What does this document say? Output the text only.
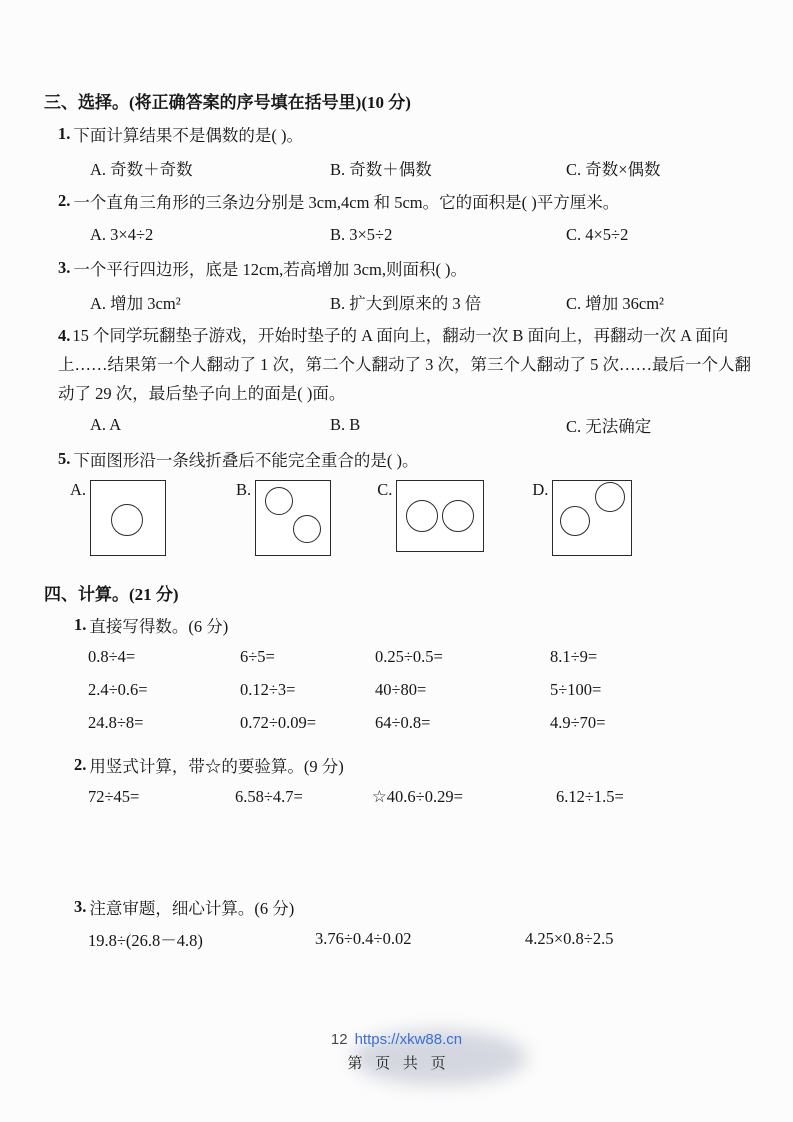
三、选择。(将正确答案的序号填在括号里)(10 分)
1. 下面计算结果不是偶数的是( )。
A. 奇数＋奇数	B. 奇数＋偶数	C. 奇数×偶数
2. 一个直角三角形的三条边分别是 3cm,4cm 和 5cm。它的面积是( )平方厘米。
A. 3×4÷2	B. 3×5÷2	C. 4×5÷2
3. 一个平行四边形，底是 12cm,若高增加 3cm,则面积( )。
A. 增加 3cm²	B. 扩大到原来的 3 倍	C. 增加 36cm²
4. 15 个同学玩翻垫子游戏，开始时垫子的 A 面向上，翻动一次 B 面向上，再翻动一次 A 面向上……结果第一个人翻动了 1 次，第二个人翻动了 3 次，第三个人翻动了 5 次……最后一个人翻动了 29 次，最后垫子向上的面是( )面。
A. A	B. B	C. 无法确定
5. 下面图形沿一条线折叠后不能完全重合的是( )。
A.	B.	C.	D.
四、计算。(21 分)
1. 直接写得数。(6 分)
0.8÷4=	6÷5=	0.25÷0.5=	8.1÷9=
2.4÷0.6=	0.12÷3=	40÷80=	5÷100=
24.8÷8=	0.72÷0.09=	64÷0.8=	4.9÷70=
2. 用竖式计算，带☆的要验算。(9 分)
72÷45=	6.58÷4.7=	☆40.6÷0.29=	6.12÷1.5=
3. 注意审题，细心计算。(6 分)
19.8÷(26.8－4.8)	3.76÷0.4÷0.02	4.25×0.8÷2.5
12 https://xkw88.cn
第 页 共 页
